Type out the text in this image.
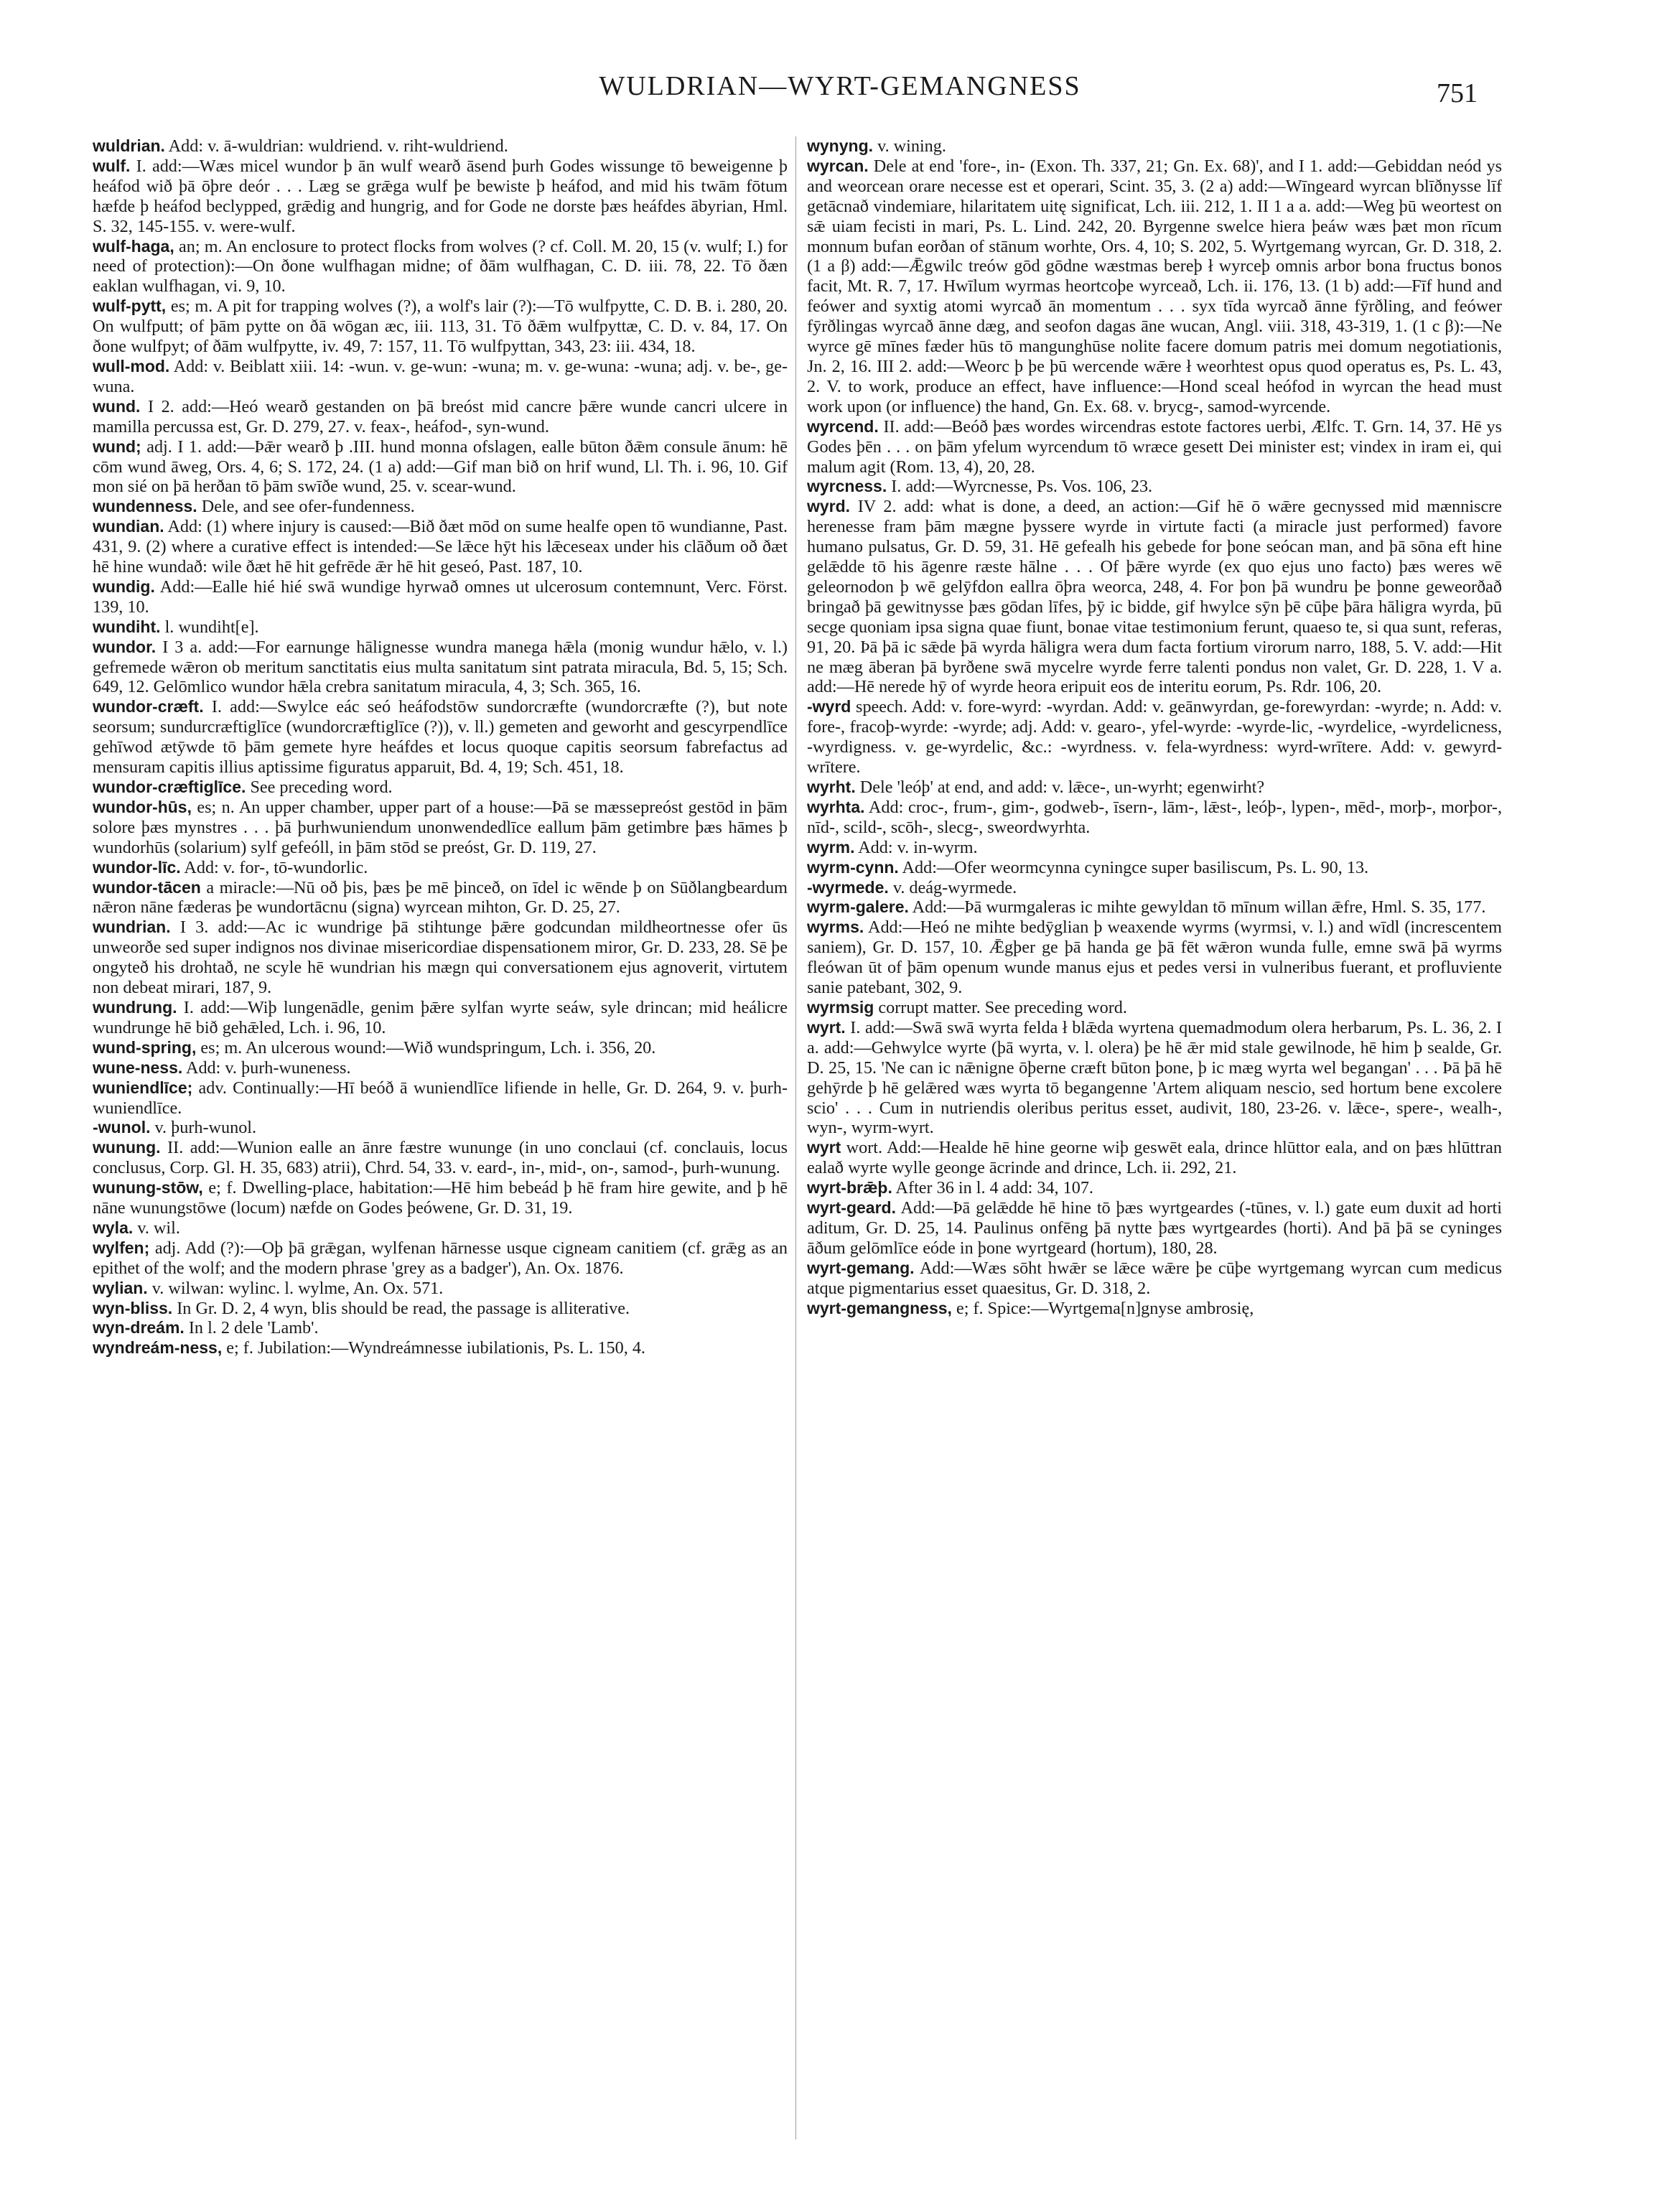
WULDRIAN—WYRT-GEMANGNESS	751

wuldrian. Add: v. ā-wuldrian: wuldriend. v. riht-wuldriend.

wulf. I. add:—Wæs micel wundor þ ān wulf wearð āsend þurh Godes wissunge tō beweigenne þ heáfod wið þā ōþre deór . . . Læg se grǣga wulf þe bewiste þ heáfod, and mid his twām fōtum hæfde þ heáfod beclypped, grǣdig and hungrig, and for Gode ne dorste þæs heáfdes ābyrian, Hml. S. 32, 145-155. v. were-wulf.

wulf-haga, an; m. An enclosure to protect flocks from wolves (? cf. Coll. M. 20, 15 (v. wulf; I.) for need of protection):—On ðone wulfhagan midne; of ðām wulfhagan, C. D. iii. 78, 22. Tō ðæn eaklan wulfhagan, vi. 9, 10.

wulf-pytt, es; m. A pit for trapping wolves (?), a wolf's lair (?):—Tō wulfpytte, C. D. B. i. 280, 20. On wulfputt; of þām pytte on ðā wōgan æc, iii. 113, 31. Tō ðǣm wulfpyttæ, C. D. v. 84, 17. On ðone wulfpyt; of ðām wulfpytte, iv. 49, 7: 157, 11. Tō wulfpyttan, 343, 23: iii. 434, 18.

wull-mod. Add: v. Beiblatt xiii. 14: -wun. v. ge-wun: -wuna; m. v. ge-wuna: -wuna; adj. v. be-, ge-wuna.

wund. I 2. add:—Heó wearð gestanden on þā breóst mid cancre þǣre wunde cancri ulcere in mamilla percussa est, Gr. D. 279, 27. v. feax-, heáfod-, syn-wund.

wund; adj. I 1. add:—Þǣr wearð þ .III. hund monna ofslagen, ealle būton ðǣm consule ānum: hē cōm wund āweg, Ors. 4, 6; S. 172, 24. (1 a) add:—Gif man bið on hrif wund, Ll. Th. i. 96, 10. Gif mon sié on þā herðan tō þām swīðe wund, 25. v. scear-wund.

wundenness. Dele, and see ofer-fundenness.

wundian. Add: (1) where injury is caused:—Bið ðæt mōd on sume healfe open tō wundianne, Past. 431, 9. (2) where a curative effect is intended:—Se lǣce hȳt his lǣceseax under his clāðum oð ðæt hē hine wundað: wile ðæt hē hit gefrēde ǣr hē hit geseó, Past. 187, 10.

wundig. Add:—Ealle hié hié swā wundige hyrwað omnes ut ulcerosum contemnunt, Verc. Först. 139, 10.

wundiht. l. wundiht[e].

wundor. I 3 a. add:—For earnunge hālignesse wundra manega hǣla (monig wundur hǣlo, v. l.) gefremede wǣron ob meritum sanctitatis eius multa sanitatum sint patrata miracula, Bd. 5, 15; Sch. 649, 12. Gelōmlico wundor hǣla crebra sanitatum miracula, 4, 3; Sch. 365, 16.

wundor-cræft. I. add:—Swylce eác seó heáfodstōw sundorcræfte (wundorcræfte (?), but note seorsum; sundurcræftiglīce (wundorcræftiglīce (?)), v. ll.) gemeten and geworht and gescyrpendlīce gehīwod ætȳwde tō þām gemete hyre heáfdes et locus quoque capitis seorsum fabrefactus ad mensuram capitis illius aptissime figuratus apparuit, Bd. 4, 19; Sch. 451, 18.

wundor-cræftiglīce. See preceding word.

wundor-hūs, es; n. An upper chamber, upper part of a house:—Þā se mæssepreóst gestōd in þām solore þæs mynstres . . . þā þurhwuniendum unonwendedlīce eallum þām getimbre þæs hāmes þ wundorhūs (solarium) sylf gefeóll, in þām stōd se preóst, Gr. D. 119, 27.

wundor-līc. Add: v. for-, tō-wundorlic.

wundor-tācen a miracle:—Nū oð þis, þæs þe mē þinceð, on īdel ic wēnde þ on Sūðlangbeardum nǣron nāne fæderas þe wundortācnu (signa) wyrcean mihton, Gr. D. 25, 27.

wundrian. I 3. add:—Ac ic wundrige þā stihtunge þǣre godcundan mildheortnesse ofer ūs unweorðe sed super indignos nos divinae misericordiae dispensationem miror, Gr. D. 233, 28. Sē þe ongyteð his drohtað, ne scyle hē wundrian his mægn qui conversationem ejus agnoverit, virtutem non debeat mirari, 187, 9.

wundrung. I. add:—Wiþ lungenādle, genim þǣre sylfan wyrte seáw, syle drincan; mid heálicre wundrunge hē bið gehǣled, Lch. i. 96, 10.

wund-spring, es; m. An ulcerous wound:—Wið wundspringum, Lch. i. 356, 20.

wune-ness. Add: v. þurh-wuneness.

wuniendlīce; adv. Continually:—Hī beóð ā wuniendlīce lifiende in helle, Gr. D. 264, 9. v. þurh-wuniendlīce.

-wunol. v. þurh-wunol.

wunung. II. add:—Wunion ealle an ānre fæstre wununge (in uno conclaui (cf. conclauis, locus conclusus, Corp. Gl. H. 35, 683) atrii), Chrd. 54, 33. v. eard-, in-, mid-, on-, samod-, þurh-wunung.

wunung-stōw, e; f. Dwelling-place, habitation:—Hē him bebeád þ hē fram hire gewite, and þ hē nāne wunungstōwe (locum) næfde on Godes þeówene, Gr. D. 31, 19.

wyla. v. wil.

wylfen; adj. Add (?):—Oþ þā grǣgan, wylfenan hārnesse usque cigneam canitiem (cf. grǣg as an epithet of the wolf; and the modern phrase 'grey as a badger'), An. Ox. 1876.

wylian. v. wilwan: wylinc. l. wylme, An. Ox. 571.

wyn-bliss. In Gr. D. 2, 4 wyn, blis should be read, the passage is alliterative.

wyn-dreám. In l. 2 dele 'Lamb'.

wyndreám-ness, e; f. Jubilation:—Wyndreámnesse iubilationis, Ps. L. 150, 4.

wynyng. v. wining.

wyrcan. Dele at end 'fore-, in- (Exon. Th. 337, 21; Gn. Ex. 68)', and I 1. add:—Gebiddan neód ys and weorcean orare necesse est et operari, Scint. 35, 3. (2 a) add:—Wīngeard wyrcan blīðnysse līf getācnað vindemiare, hilaritatem uitę significat, Lch. iii. 212, 1. II 1 a a. add:—Weg þū weortest on sǣ uiam fecisti in mari, Ps. L. Lind. 242, 20. Byrgenne swelce hiera þeáw wæs þæt mon rīcum monnum bufan eorðan of stānum worhte, Ors. 4, 10; S. 202, 5. Wyrtgemang wyrcan, Gr. D. 318, 2. (1 a β) add:—Ǣgwilc treów gōd gōdne wæstmas bereþ ł wyrceþ omnis arbor bona fructus bonos facit, Mt. R. 7, 17. Hwīlum wyrmas heortcoþe wyrceað, Lch. ii. 176, 13. (1 b) add:—Fīf hund and feówer and syxtig atomi wyrcað ān momentum . . . syx tīda wyrcað ānne fȳrðling, and feówer fȳrðlingas wyrcað ānne dæg, and seofon dagas āne wucan, Angl. viii. 318, 43-319, 1. (1 c β):—Ne wyrce gē mīnes fæder hūs tō mangunghūse nolite facere domum patris mei domum negotiationis, Jn. 2, 16. III 2. add:—Weorc þ þe þū wercende wǣre ł weorhtest opus quod operatus es, Ps. L. 43, 2. V. to work, produce an effect, have influence:—Hond sceal heófod in wyrcan the head must work upon (or influence) the hand, Gn. Ex. 68. v. brycg-, samod-wyrcende.

wyrcend. II. add:—Beóð þæs wordes wircendras estote factores uerbi, Ælfc. T. Grn. 14, 37. Hē ys Godes þēn . . . on þām yfelum wyrcendum tō wræce gesett Dei minister est; vindex in iram ei, qui malum agit (Rom. 13, 4), 20, 28.

wyrcness. I. add:—Wyrcnesse, Ps. Vos. 106, 23.

wyrd. IV 2. add: what is done, a deed, an action:—Gif hē ō wǣre gecnyssed mid mænniscre herenesse fram þām mægne þyssere wyrde in virtute facti (a miracle just performed) favore humano pulsatus, Gr. D. 59, 31. Hē gefealh his gebede for þone seócan man, and þā sōna eft hine gelǣdde tō his āgenre ræste hālne . . . Of þǣre wyrde (ex quo ejus uno facto) þæs weres wē geleornodon þ wē gelȳfdon eallra ōþra weorca, 248, 4. For þon þā wundru þe þonne geweorðað bringað þā gewitnysse þæs gōdan līfes, þȳ ic bidde, gif hwylce sȳn þē cūþe þāra hāligra wyrda, þū secge quoniam ipsa signa quae fiunt, bonae vitae testimonium ferunt, quaeso te, si qua sunt, referas, 91, 20. Þā þā ic sǣde þā wyrda hāligra wera dum facta fortium virorum narro, 188, 5. V. add:—Hit ne mæg āberan þā byrðene swā mycelre wyrde ferre talenti pondus non valet, Gr. D. 228, 1. V a. add:—Hē nerede hȳ of wyrde heora eripuit eos de interitu eorum, Ps. Rdr. 106, 20.

-wyrd speech. Add: v. fore-wyrd: -wyrdan. Add: v. geānwyrdan, ge-forewyrdan: -wyrde; n. Add: v. fore-, fracoþ-wyrde: -wyrde; adj. Add: v. gearo-, yfel-wyrde: -wyrde-lic, -wyrdelice, -wyrdelicness, -wyrdigness. v. ge-wyrdelic, &c.: -wyrdness. v. fela-wyrdness: wyrd-wrītere. Add: v. gewyrd-wrītere.

wyrht. Dele 'leóþ' at end, and add: v. lǣce-, un-wyrht; egenwirht?

wyrhta. Add: croc-, frum-, gim-, godweb-, īsern-, lām-, lǣst-, leóþ-, lypen-, mēd-, morþ-, morþor-, nīd-, scild-, scōh-, slecg-, sweordwyrhta.

wyrm. Add: v. in-wyrm.

wyrm-cynn. Add:—Ofer weormcynna cyningce super basiliscum, Ps. L. 90, 13.

-wyrmede. v. deág-wyrmede.

wyrm-galere. Add:—Þā wurmgaleras ic mihte gewyldan tō mīnum willan ǣfre, Hml. S. 35, 177.

wyrms. Add:—Heó ne mihte bedȳglian þ weaxende wyrms (wyrmsi, v. l.) and wīdl (increscentem saniem), Gr. D. 157, 10. Ǣgþer ge þā handa ge þā fēt wǣron wunda fulle, emne swā þā wyrms fleówan ūt of þām openum wunde manus ejus et pedes versi in vulneribus fuerant, et profluviente sanie patebant, 302, 9.

wyrmsig corrupt matter. See preceding word.

wyrt. I. add:—Swā swā wyrta felda ł blǣda wyrtena quemadmodum olera herbarum, Ps. L. 36, 2. I a. add:—Gehwylce wyrte (þā wyrta, v. l. olera) þe hē ǣr mid stale gewilnode, hē him þ sealde, Gr. D. 25, 15. 'Ne can ic nǣnigne ōþerne cræft būton þone, þ ic mæg wyrta wel begangan' . . . Þā þā hē gehȳrde þ hē gelǣred wæs wyrta tō begangenne 'Artem aliquam nescio, sed hortum bene excolere scio' . . . Cum in nutriendis oleribus peritus esset, audivit, 180, 23-26. v. lǣce-, spere-, wealh-, wyn-, wyrm-wyrt.

wyrt wort. Add:—Healde hē hine georne wiþ geswēt eala, drince hlūttor eala, and on þæs hlūttran ealað wyrte wylle geonge ācrinde and drince, Lch. ii. 292, 21.

wyrt-brǣþ. After 36 in l. 4 add: 34, 107.

wyrt-geard. Add:—Þā gelǣdde hē hine tō þæs wyrtgeardes (-tūnes, v. l.) gate eum duxit ad horti aditum, Gr. D. 25, 14. Paulinus onfēng þā nytte þæs wyrtgeardes (horti). And þā þā se cyninges āðum gelōmlīce eóde in þone wyrtgeard (hortum), 180, 28.

wyrt-gemang. Add:—Wæs sōht hwǣr se lǣce wǣre þe cūþe wyrtgemang wyrcan cum medicus atque pigmentarius esset quaesitus, Gr. D. 318, 2.

wyrt-gemangness, e; f. Spice:—Wyrtgema[n]gnyse ambrosię,
